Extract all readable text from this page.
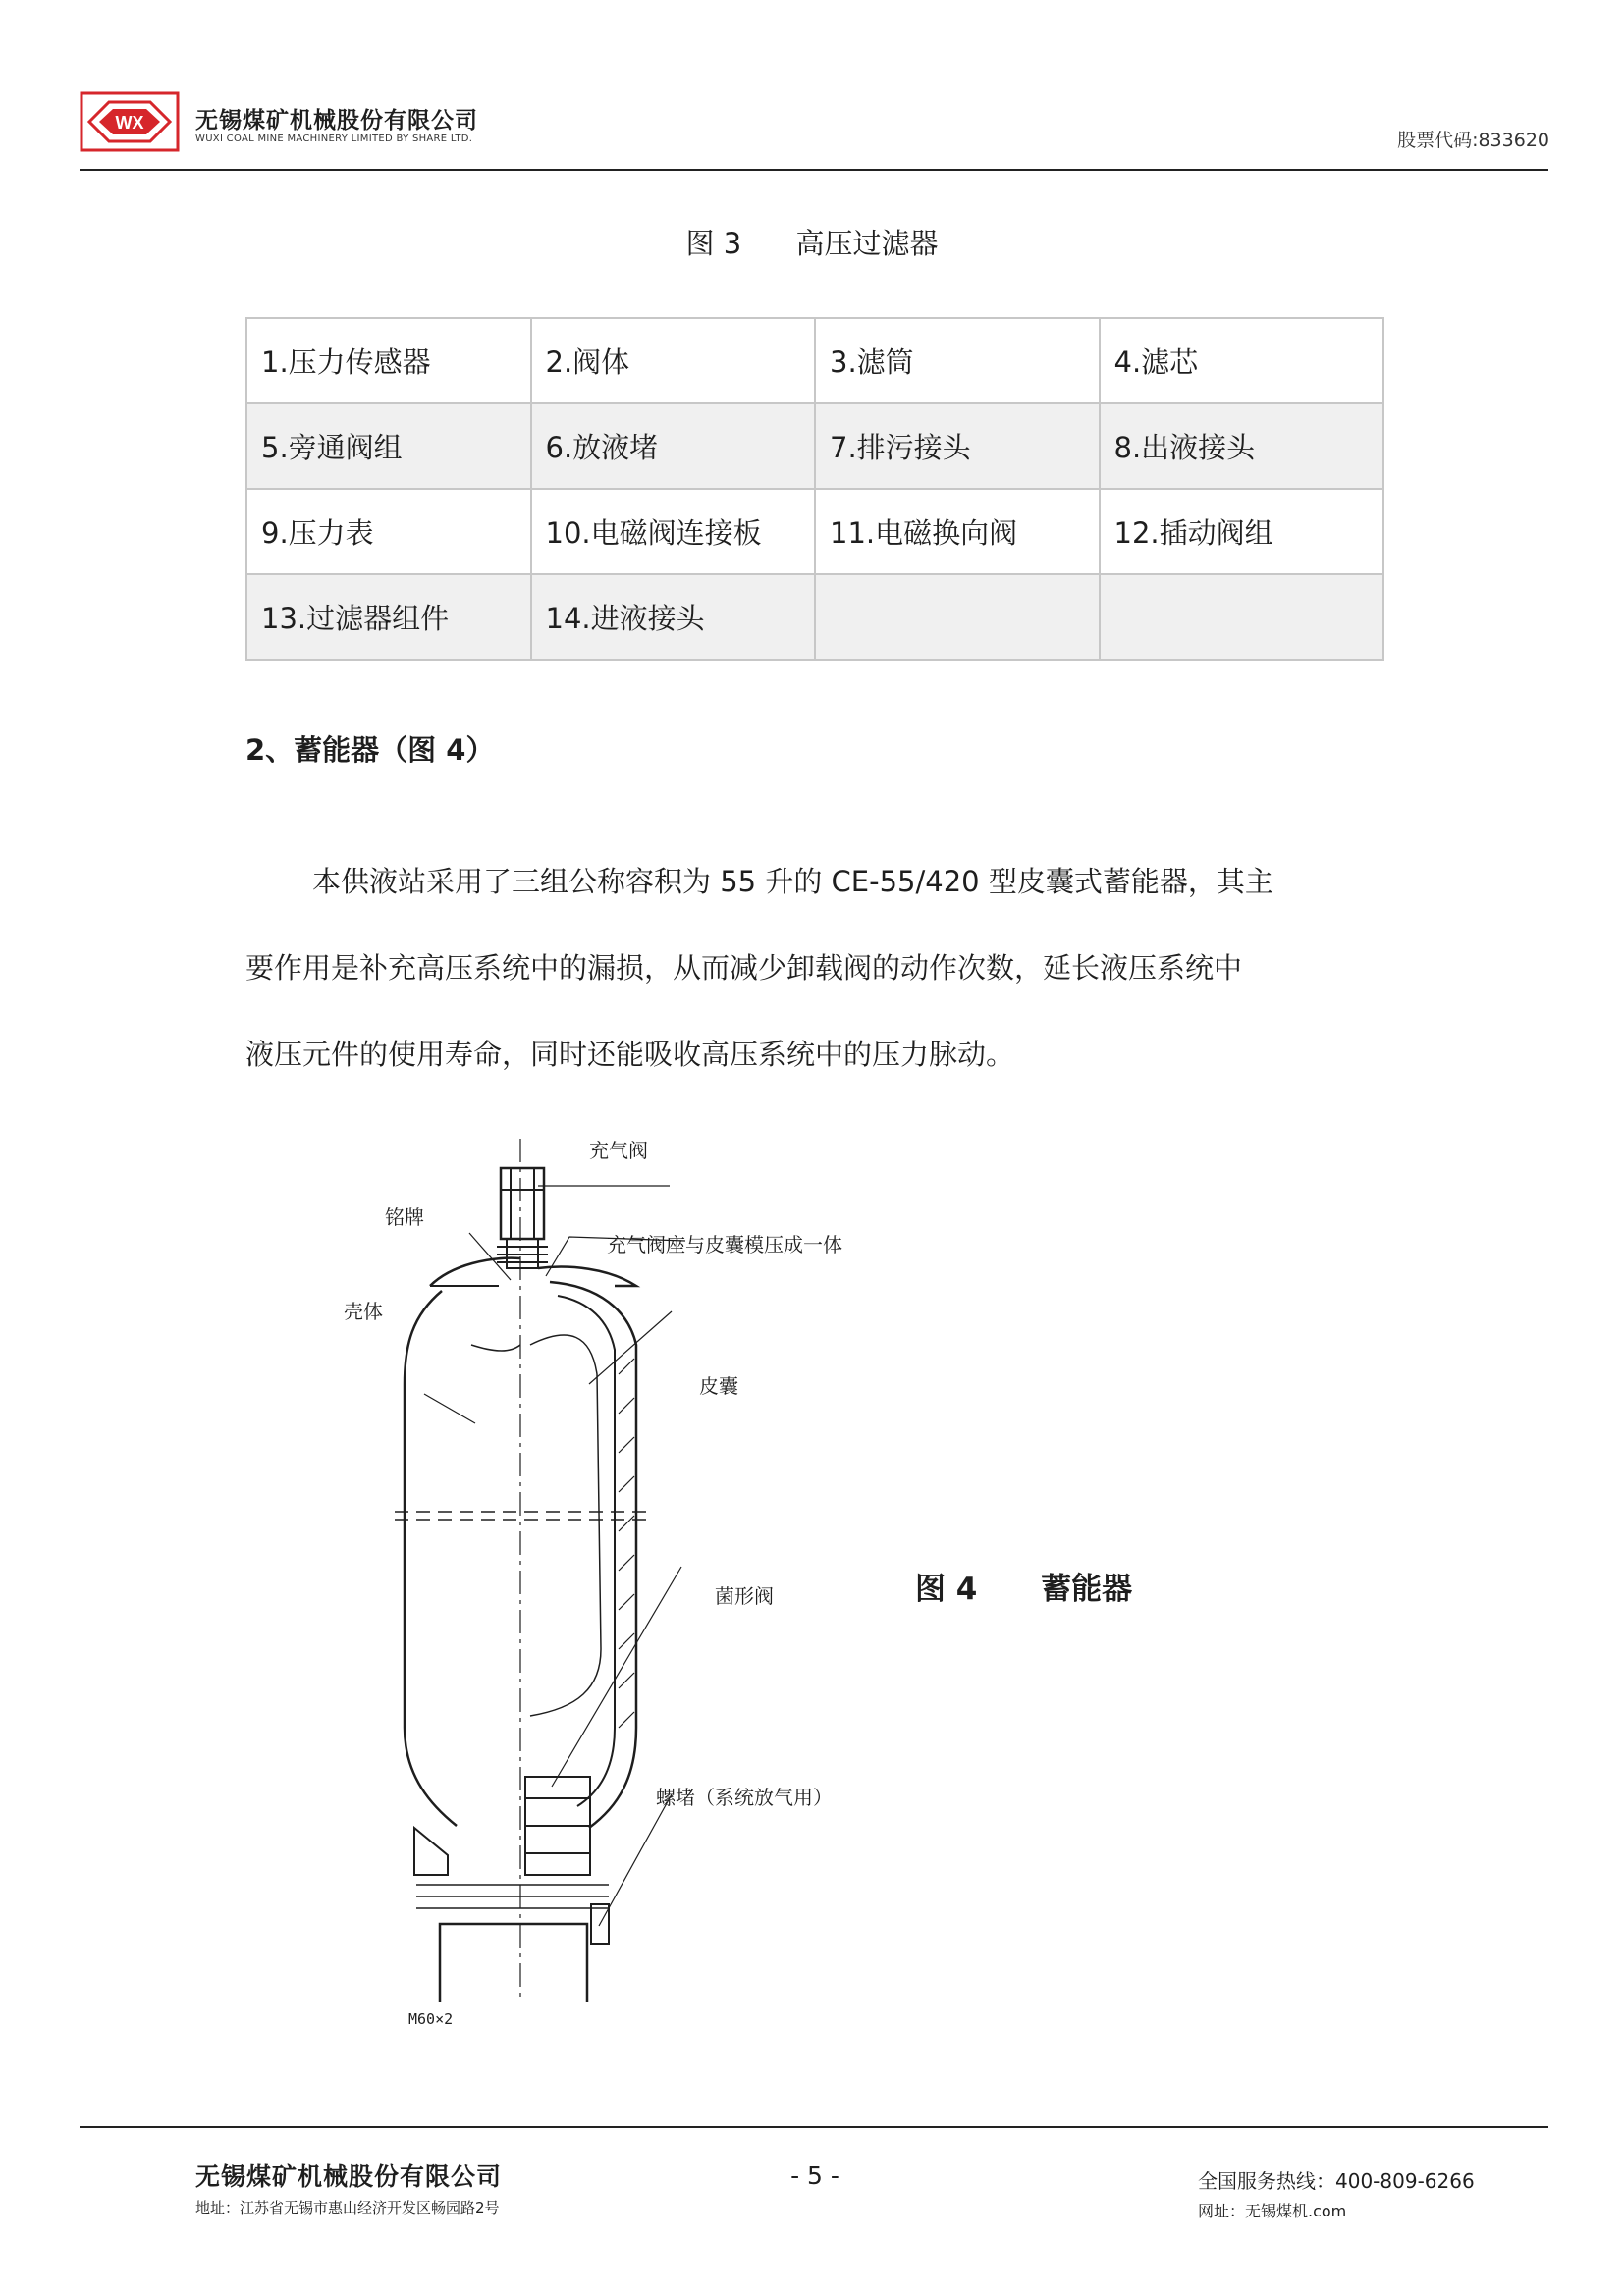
WX 无锡煤矿机械股份有限公司
WUXI COAL MINE MACHINERY LIMITED BY SHARE LTD.	股票代码:833620
图 3      高压过滤器
1.压力传感器	2.阀体	3.滤筒	4.滤芯
5.旁通阀组	6.放液堵	7.排污接头	8.出液接头
9.压力表	10.电磁阀连接板	11.电磁换向阀	12.插动阀组
13.过滤器组件	14.进液接头		
2、蓄能器（图 4）
本供液站采用了三组公称容积为 55 升的 CE-55/420 型皮囊式蓄能器，其主
要作用是补充高压系统中的漏损，从而减少卸载阀的动作次数，延长液压系统中
液压元件的使用寿命，同时还能吸收高压系统中的压力脉动。
充气阀
铭牌
充气阀座与皮囊模压成一体
壳体
皮囊
菌形阀
螺堵（系统放气用）
M60×2
图 4      蓄能器
无锡煤矿机械股份有限公司
地址：江苏省无锡市惠山经济开发区畅园路2号
- 5 -	全国服务热线：400-809-6266
网址：无锡煤机.com
